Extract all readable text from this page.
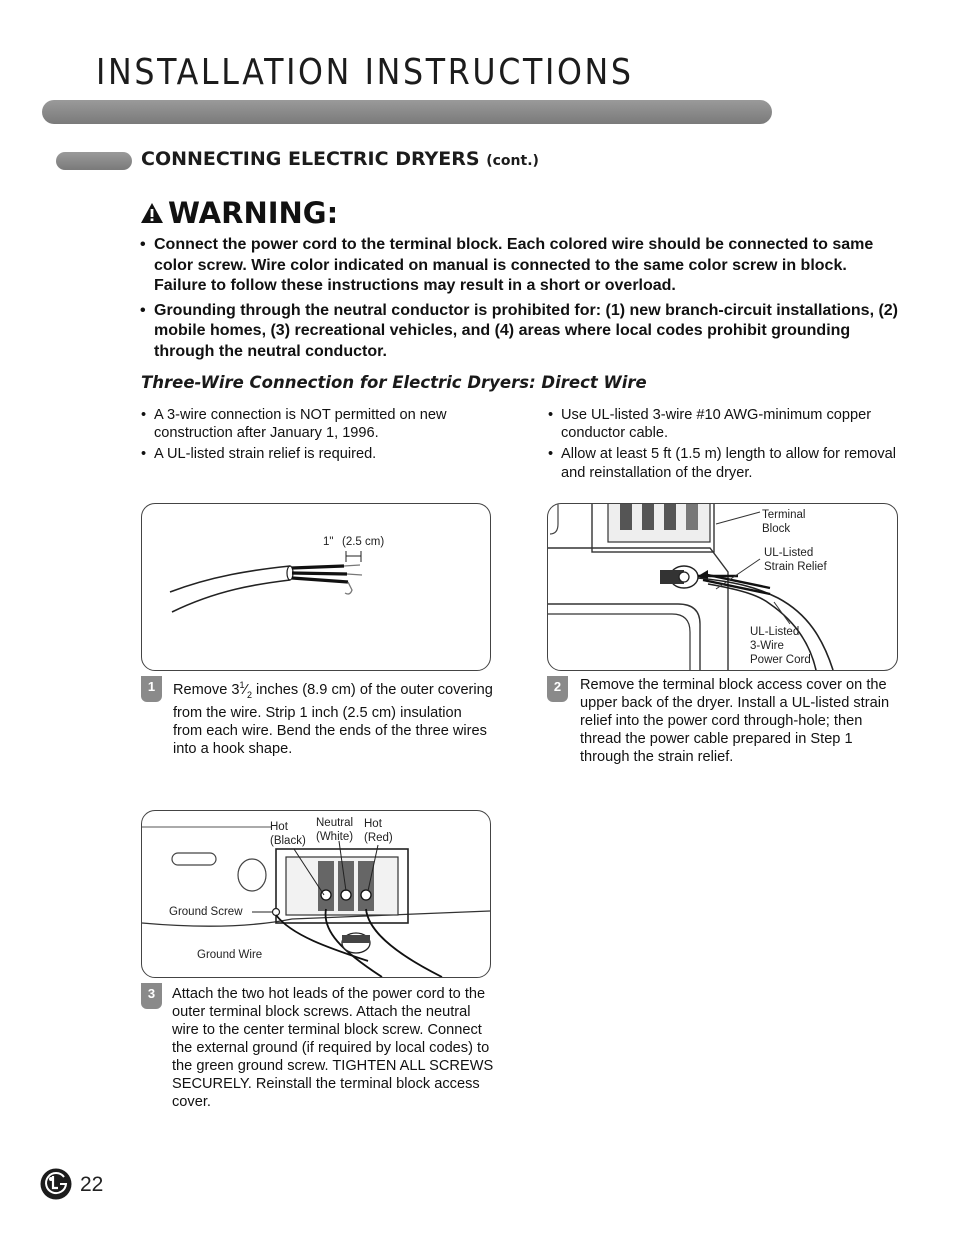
INSTALLATION INSTRUCTIONS
CONNECTING ELECTRIC DRYERS (cont.)
WARNING:
• Connect the power cord to the terminal block. Each colored wire should be connected to same color screw. Wire color indicated on manual is connected to the same color screw in block. Failure to follow these instructions may result in a short or overload.
• Grounding through the neutral conductor is prohibited for: (1) new branch-circuit installations, (2) mobile homes, (3) recreational vehicles, and (4) areas where local codes prohibit grounding through the neutral conductor.
Three-Wire Connection for Electric Dryers: Direct Wire
• A 3-wire connection is NOT permitted on new construction after January 1, 1996.
• A UL-listed strain relief is required.
• Use UL-listed 3-wire #10 AWG-minimum copper conductor cable.
• Allow at least 5 ft (1.5 m) length to allow for removal and reinstallation of the dryer.
1" (2.5 cm)
1	Remove $3^1⁄_2$ inches (8.9 cm) of the outer covering from the wire. Strip 1 inch (2.5 cm) insulation from each wire. Bend the ends of the three wires into a hook shape.
Terminal
Block
UL-Listed
Strain Relief
UL-Listed
3-Wire
Power Cord
2	Remove the terminal block access cover on the upper back of the dryer. Install a UL-listed strain relief into the power cord through-hole; then thread the power cable prepared in Step 1 through the strain relief.
Hot
(Black)
Neutral
(White)
Hot
(Red)
Ground Screw
Ground Wire
3	Attach the two hot leads of the power cord to the outer terminal block screws. Attach the neutral wire to the center terminal block screw. Connect the external ground (if required by local codes) to the green ground screw. TIGHTEN ALL SCREWS SECURELY. Reinstall the terminal block access cover.
22
